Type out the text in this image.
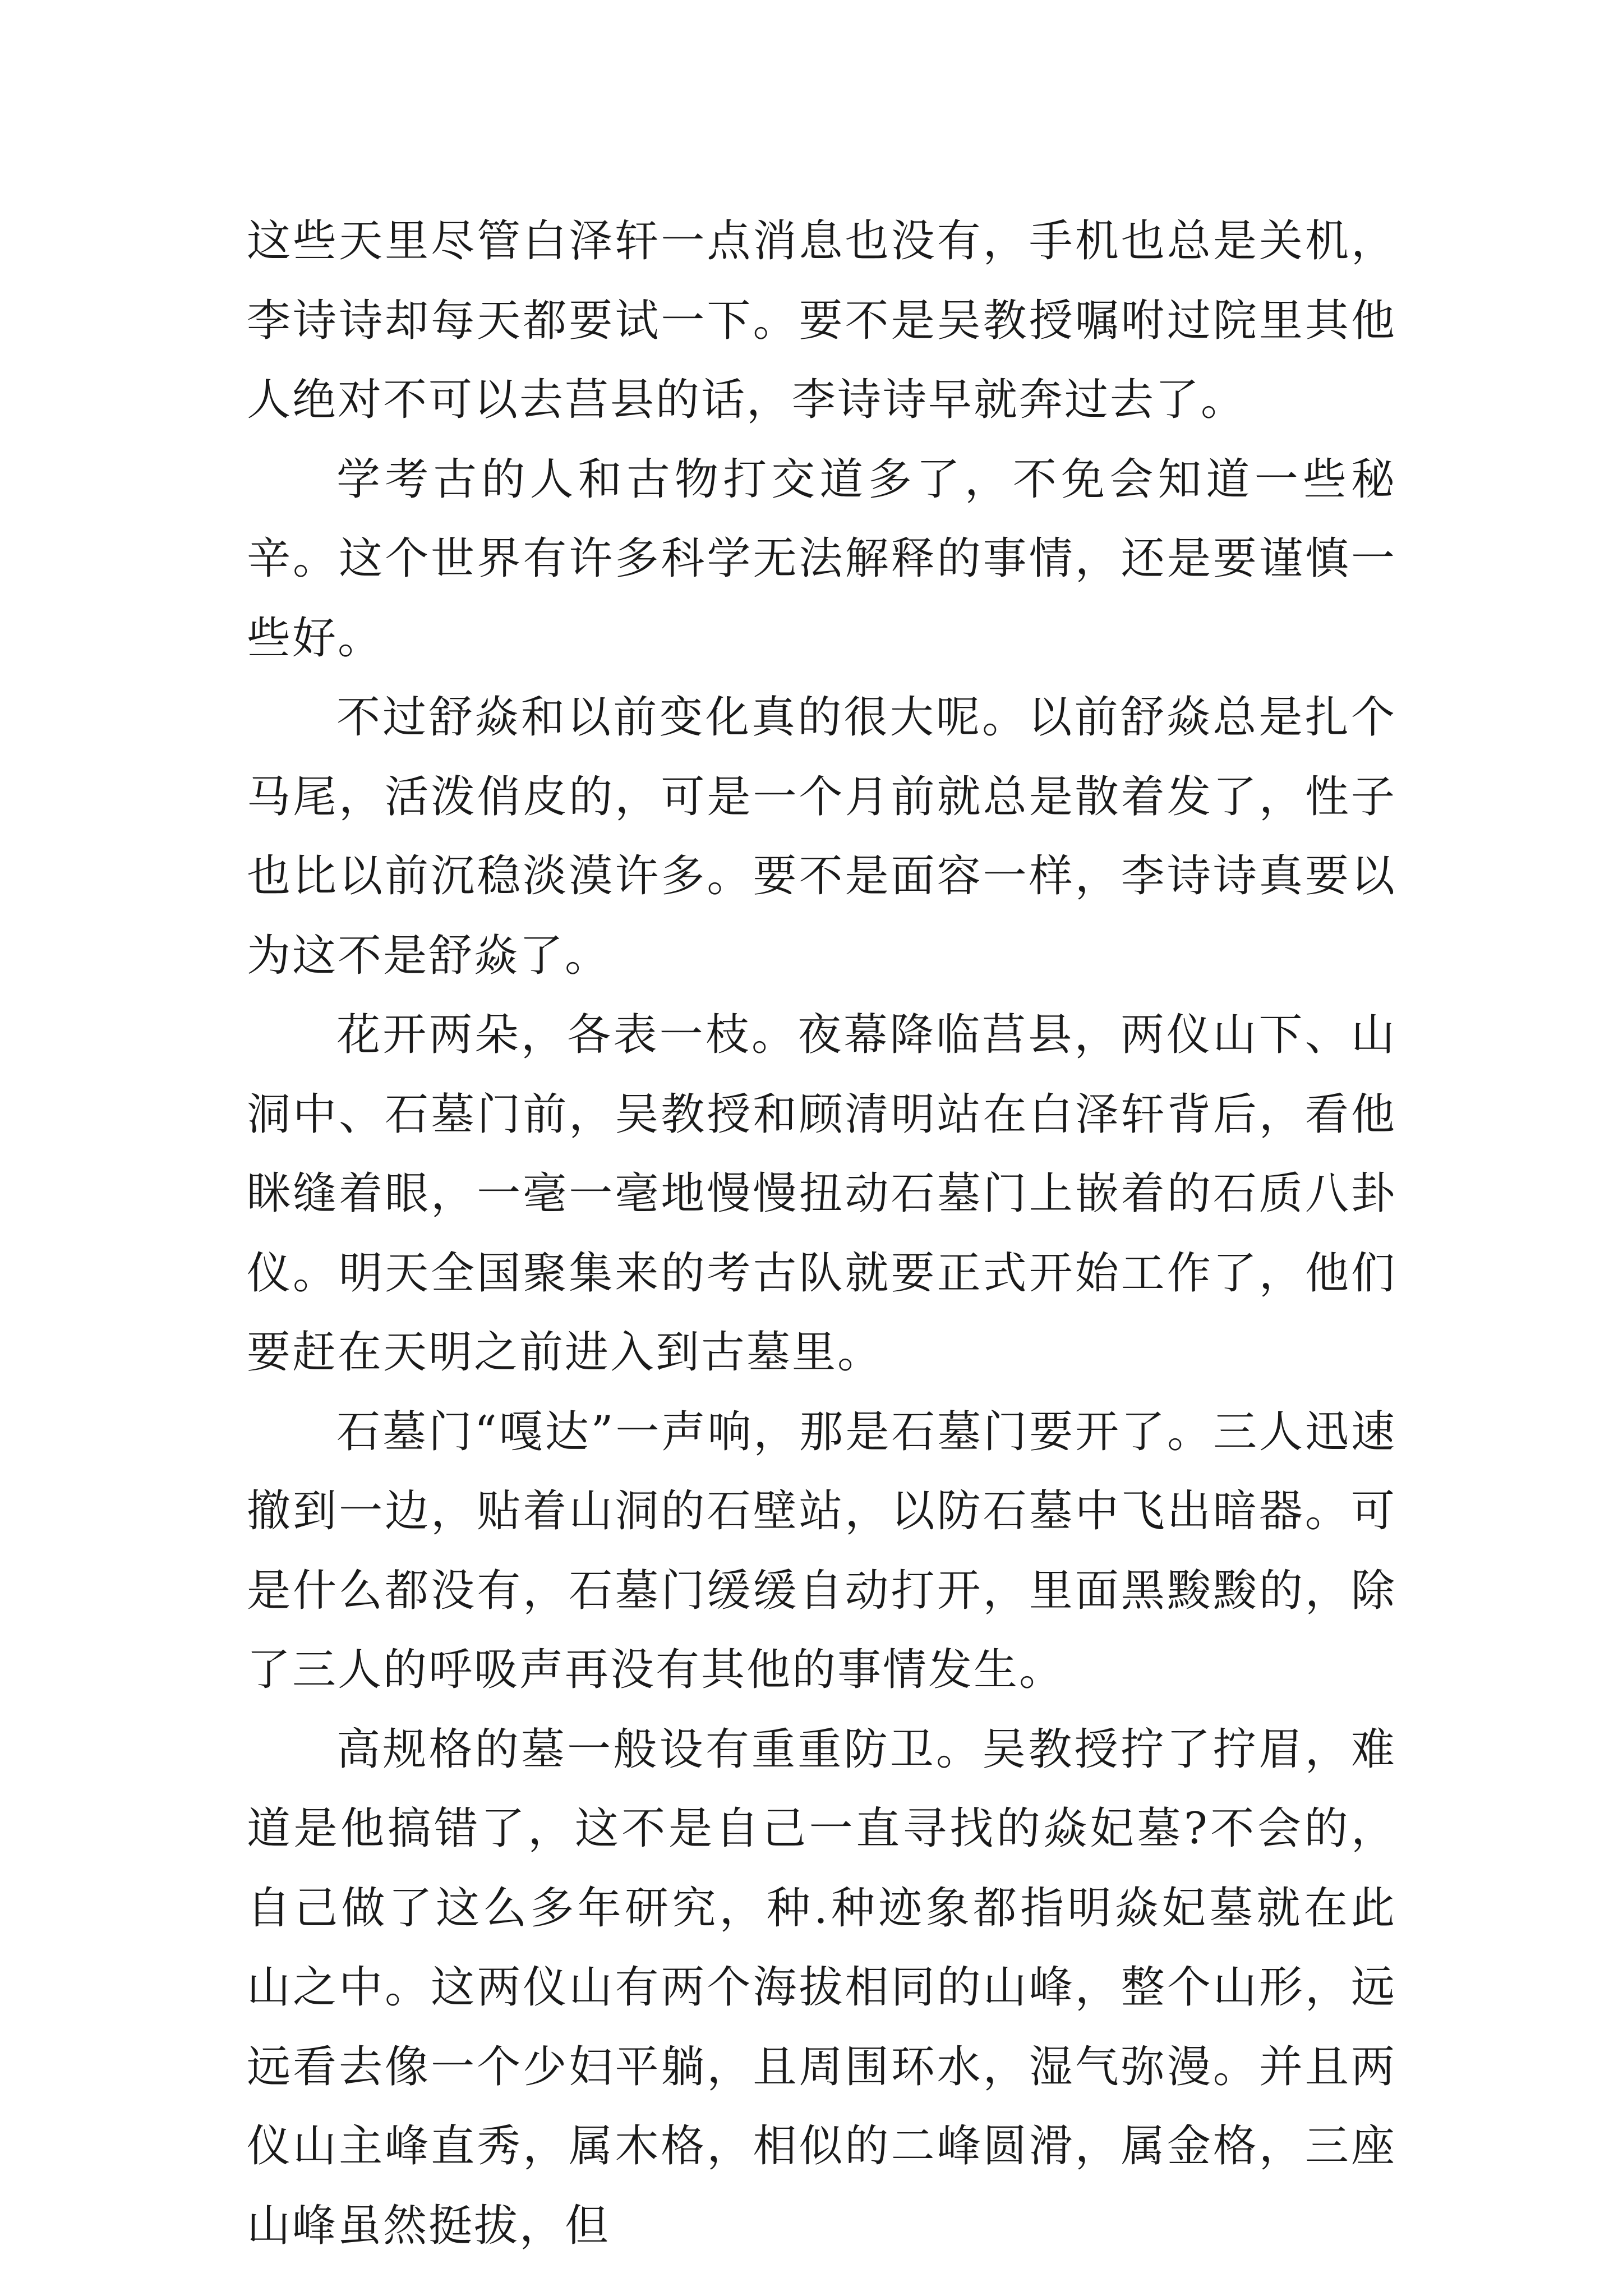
这些天里尽管白泽轩一点消息也没有，手机也总是关机，李诗诗却每天都要试一下。要不是吴教授嘱咐过院里其他人绝对不可以去莒县的话，李诗诗早就奔过去了。

学考古的人和古物打交道多了，不免会知道一些秘辛。这个世界有许多科学无法解释的事情，还是要谨慎一些好。

不过舒焱和以前变化真的很大呢。以前舒焱总是扎个马尾，活泼俏皮的，可是一个月前就总是散着发了，性子也比以前沉稳淡漠许多。要不是面容一样，李诗诗真要以为这不是舒焱了。

花开两朵，各表一枝。夜幕降临莒县，两仪山下、山洞中、石墓门前，吴教授和顾清明站在白泽轩背后，看他眯缝着眼，一毫一毫地慢慢扭动石墓门上嵌着的石质八卦仪。明天全国聚集来的考古队就要正式开始工作了，他们要赶在天明之前进入到古墓里。

石墓门“嘎达”一声响，那是石墓门要开了。三人迅速撤到一边，贴着山洞的石壁站，以防石墓中飞出暗器。可是什么都没有，石墓门缓缓自动打开，里面黑黢黢的，除了三人的呼吸声再没有其他的事情发生。

高规格的墓一般设有重重防卫。吴教授拧了拧眉，难道是他搞错了，这不是自己一直寻找的焱妃墓?不会的，自己做了这么多年研究，种.种迹象都指明焱妃墓就在此山之中。这两仪山有两个海拔相同的山峰，整个山形，远远看去像一个少妇平躺，且周围环水，湿气弥漫。并且两仪山主峰直秀，属木格，相似的二峰圆滑，属金格，三座山峰虽然挺拔，但
